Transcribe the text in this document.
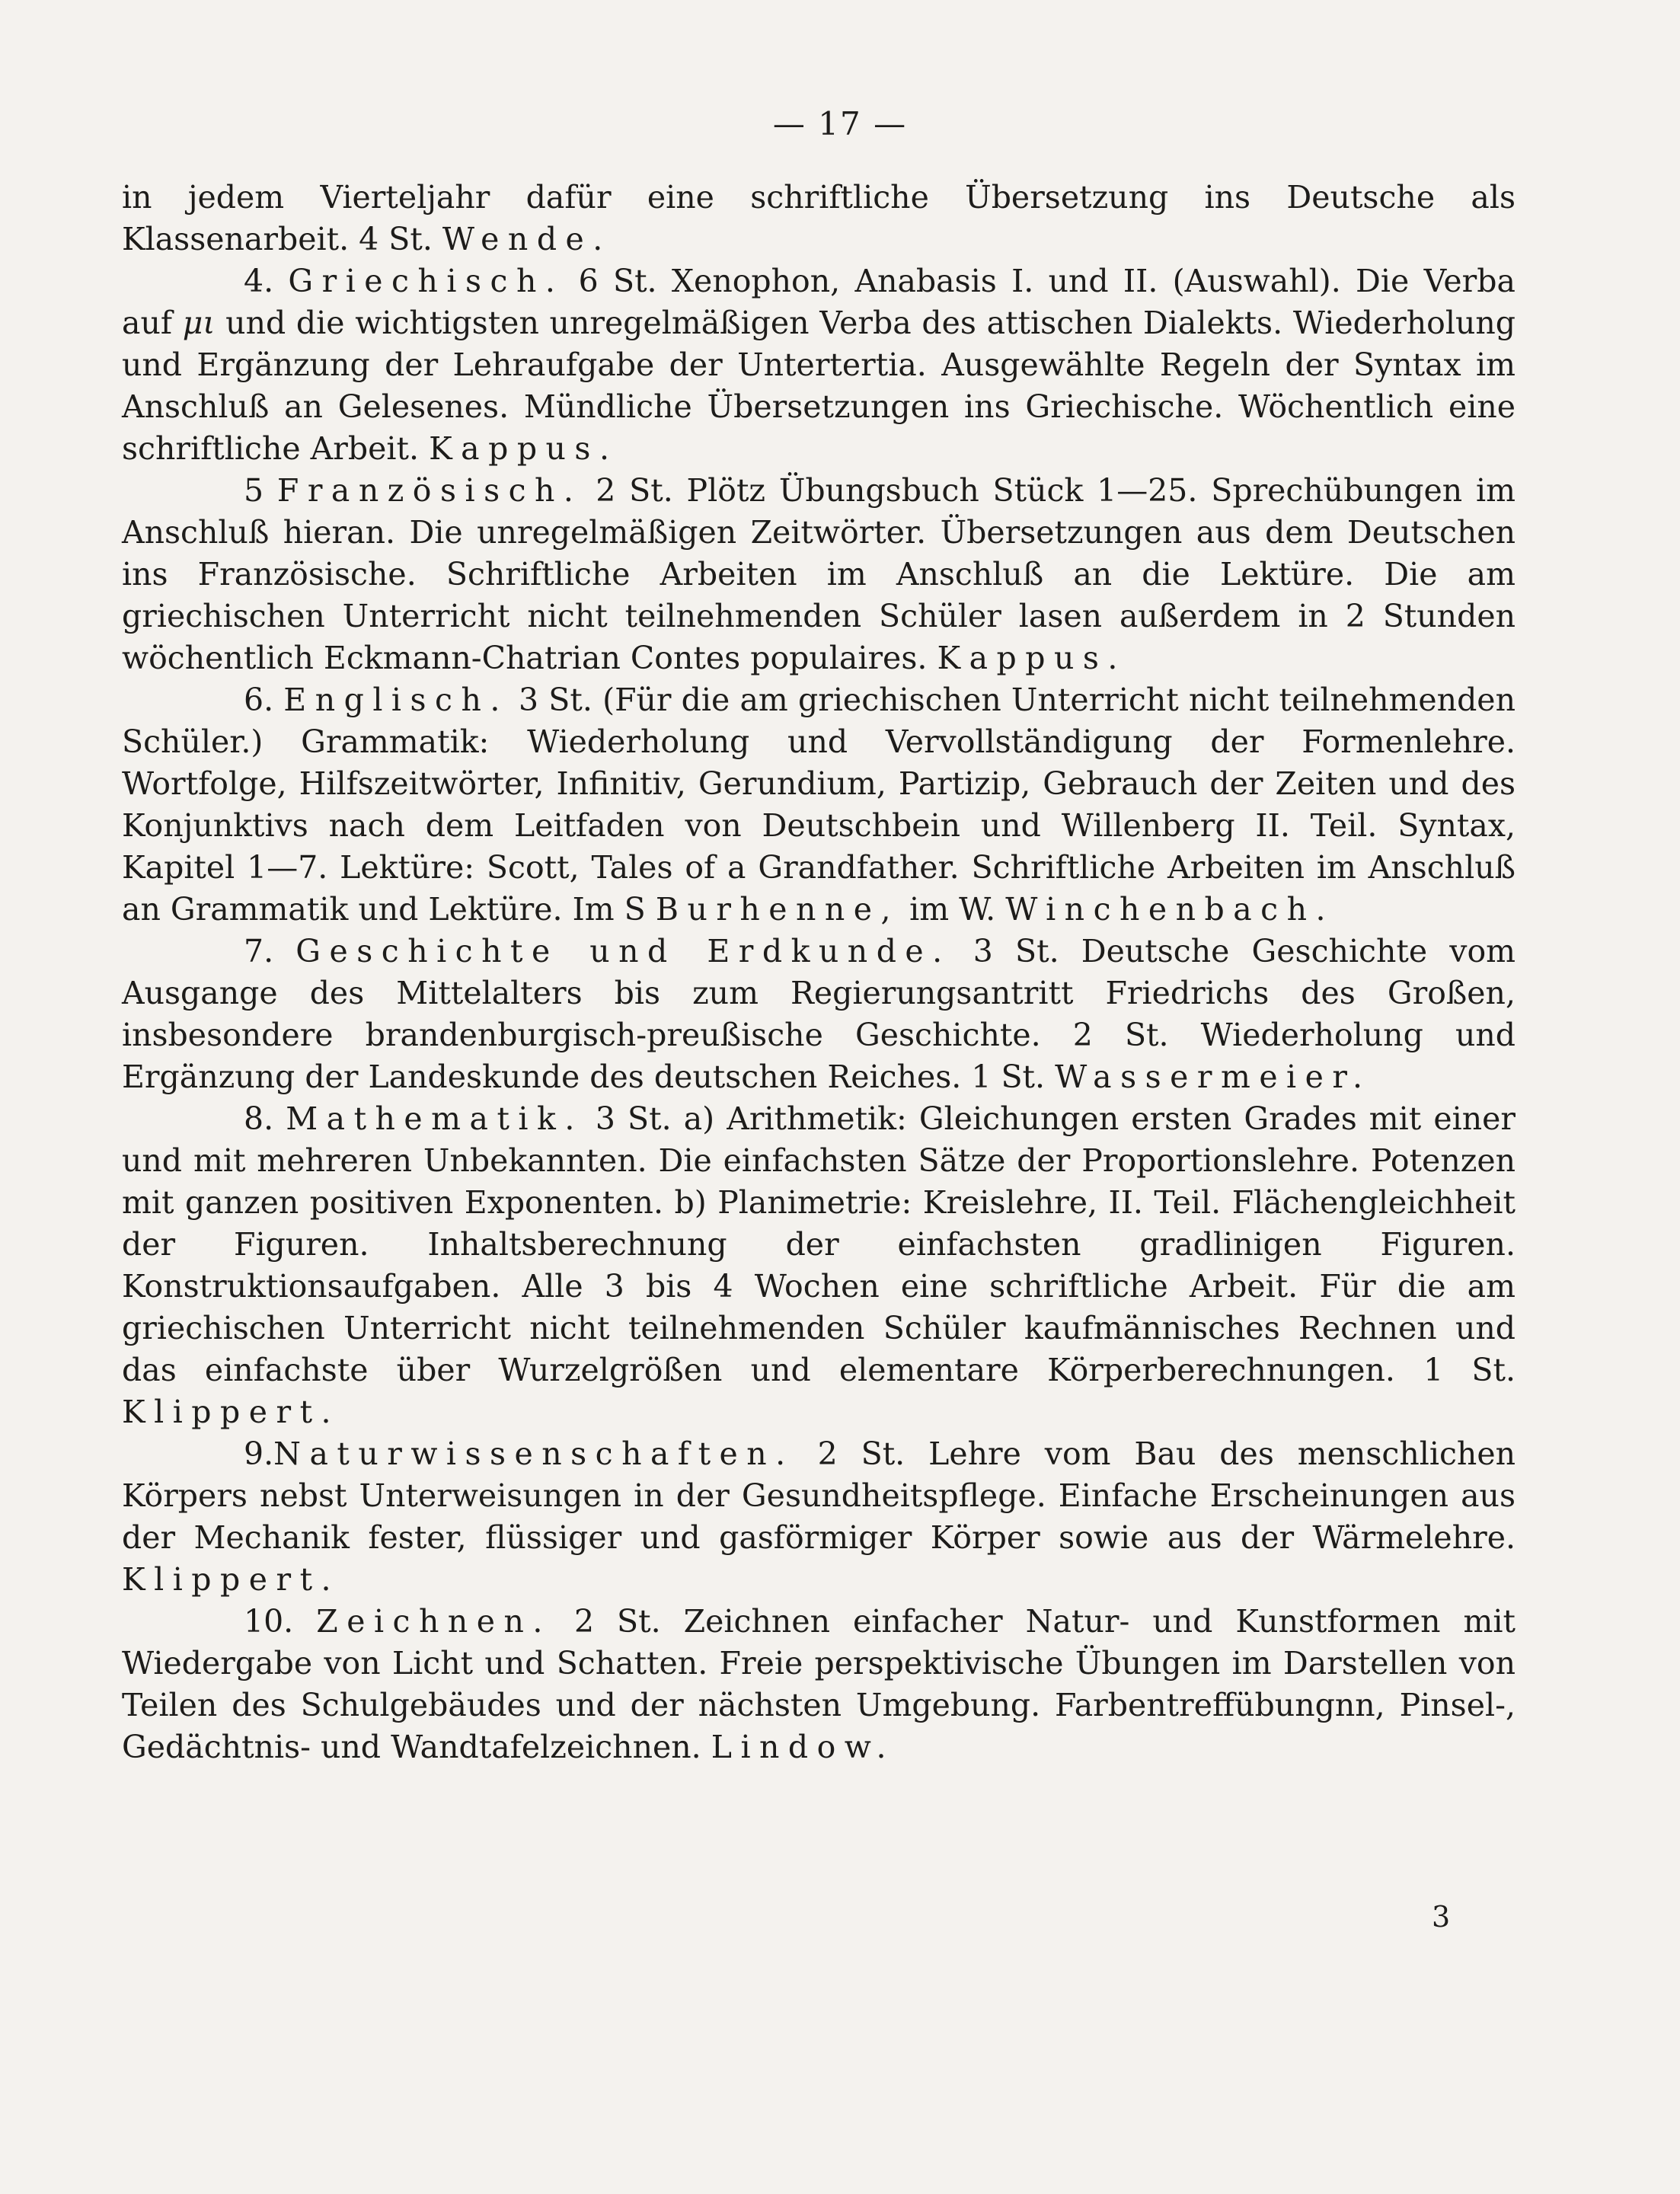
— 17 —

in jedem Vierteljahr dafür eine schriftliche Übersetzung ins Deutsche als Klassenarbeit. 4 St. Wende.

4. Griechisch. 6 St. Xenophon, Anabasis I. und II. (Auswahl). Die Verba auf μι und die wichtigsten unregelmäßigen Verba des attischen Dialekts. Wiederholung und Ergänzung der Lehraufgabe der Untertertia. Ausgewählte Regeln der Syntax im Anschluß an Gelesenes. Mündliche Übersetzungen ins Griechische. Wöchentlich eine schriftliche Arbeit. Kappus.

5 Französisch. 2 St. Plötz Übungsbuch Stück 1—25. Sprechübungen im Anschluß hieran. Die unregelmäßigen Zeitwörter. Übersetzungen aus dem Deutschen ins Französische. Schriftliche Arbeiten im Anschluß an die Lektüre. Die am griechischen Unterricht nicht teilnehmenden Schüler lasen außerdem in 2 Stunden wöchentlich Eckmann-Chatrian Contes populaires. Kappus.

6. Englisch. 3 St. (Für die am griechischen Unterricht nicht teilnehmenden Schüler.) Grammatik: Wiederholung und Vervollständigung der Formenlehre. Wortfolge, Hilfszeitwörter, Infinitiv, Gerundium, Partizip, Gebrauch der Zeiten und des Konjunktivs nach dem Leitfaden von Deutschbein und Willenberg II. Teil. Syntax, Kapitel 1—7. Lektüre: Scott, Tales of a Grandfather. Schriftliche Arbeiten im Anschluß an Grammatik und Lektüre. Im S Burhenne, im W. Winchenbach.

7. Geschichte und Erdkunde. 3 St. Deutsche Geschichte vom Ausgange des Mittelalters bis zum Regierungsantritt Friedrichs des Großen, insbesondere brandenburgisch-preußische Geschichte. 2 St. Wiederholung und Ergänzung der Landeskunde des deutschen Reiches. 1 St. Wassermeier.

8. Mathematik. 3 St. a) Arithmetik: Gleichungen ersten Grades mit einer und mit mehreren Unbekannten. Die einfachsten Sätze der Proportionslehre. Potenzen mit ganzen positiven Exponenten. b) Planimetrie: Kreislehre, II. Teil. Flächengleichheit der Figuren. Inhaltsberechnung der einfachsten gradlinigen Figuren. Konstruktionsaufgaben. Alle 3 bis 4 Wochen eine schriftliche Arbeit. Für die am griechischen Unterricht nicht teilnehmenden Schüler kaufmännisches Rechnen und das einfachste über Wurzelgrößen und elementare Körperberechnungen. 1 St. Klippert.

9.Naturwissenschaften. 2 St. Lehre vom Bau des menschlichen Körpers nebst Unterweisungen in der Gesundheitspflege. Einfache Erscheinungen aus der Mechanik fester, flüssiger und gasförmiger Körper sowie aus der Wärmelehre. Klippert.

10. Zeichnen. 2 St. Zeichnen einfacher Natur- und Kunstformen mit Wiedergabe von Licht und Schatten. Freie perspektivische Übungen im Darstellen von Teilen des Schulgebäudes und der nächsten Umgebung. Farbentreffübungnn, Pinsel-, Gedächtnis- und Wandtafelzeichnen. Lindow.

3
